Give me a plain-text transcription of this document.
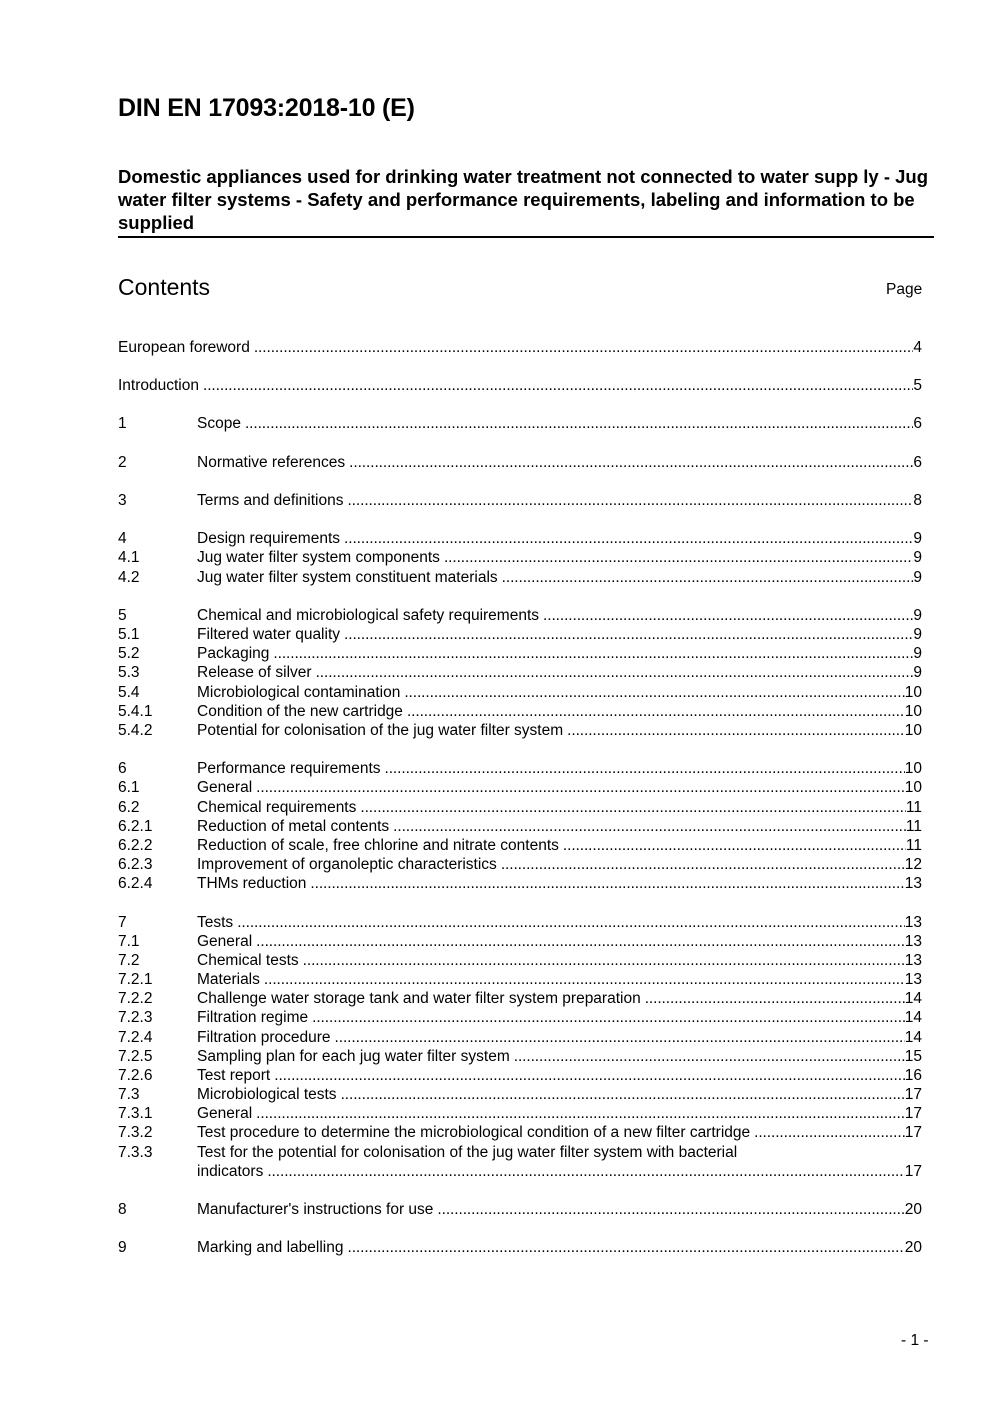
DIN EN 17093:2018-10 (E)
Domestic appliances used for drinking water treatment not connected to water supp ly - Jug water filter systems - Safety and performance requirements, labeling and information to be supplied
Contents	Page
European foreword . . .	4
Introduction . . .	5
1	Scope . . .	6
2	Normative references . . .	6
3	Terms and definitions . . .	8
4	Design requirements . . .	9
4.1	Jug water filter system components . . .	9
4.2	Jug water filter system constituent materials . . .	9
5	Chemical and microbiological safety requirements . . .	9
5.1	Filtered water quality . . .	9
5.2	Packaging . . .	9
5.3	Release of silver . . .	9
5.4	Microbiological contamination . . .	10
5.4.1	Condition of the new cartridge . . .	10
5.4.2	Potential for colonisation of the jug water filter system . . .	10
6	Performance requirements . . .	10
6.1	General . . .	10
6.2	Chemical requirements . . .	11
6.2.1	Reduction of metal contents . . .	11
6.2.2	Reduction of scale, free chlorine and nitrate contents . . .	11
6.2.3	Improvement of organoleptic characteristics . . .	12
6.2.4	THMs reduction . . .	13
7	Tests . . .	13
7.1	General . . .	13
7.2	Chemical tests . . .	13
7.2.1	Materials . . .	13
7.2.2	Challenge water storage tank and water filter system preparation . . .	14
7.2.3	Filtration regime . . .	14
7.2.4	Filtration procedure . . .	14
7.2.5	Sampling plan for each jug water filter system . . .	15
7.2.6	Test report . . .	16
7.3	Microbiological tests . . .	17
7.3.1	General . . .	17
7.3.2	Test procedure to determine the microbiological condition of a new filter cartridge . . .	17
7.3.3	Test for the potential for colonisation of the jug water filter system with bacterial
indicators . . .	17
8	Manufacturer's instructions for use . . .	20
9	Marking and labelling . . .	20
- 1 -
